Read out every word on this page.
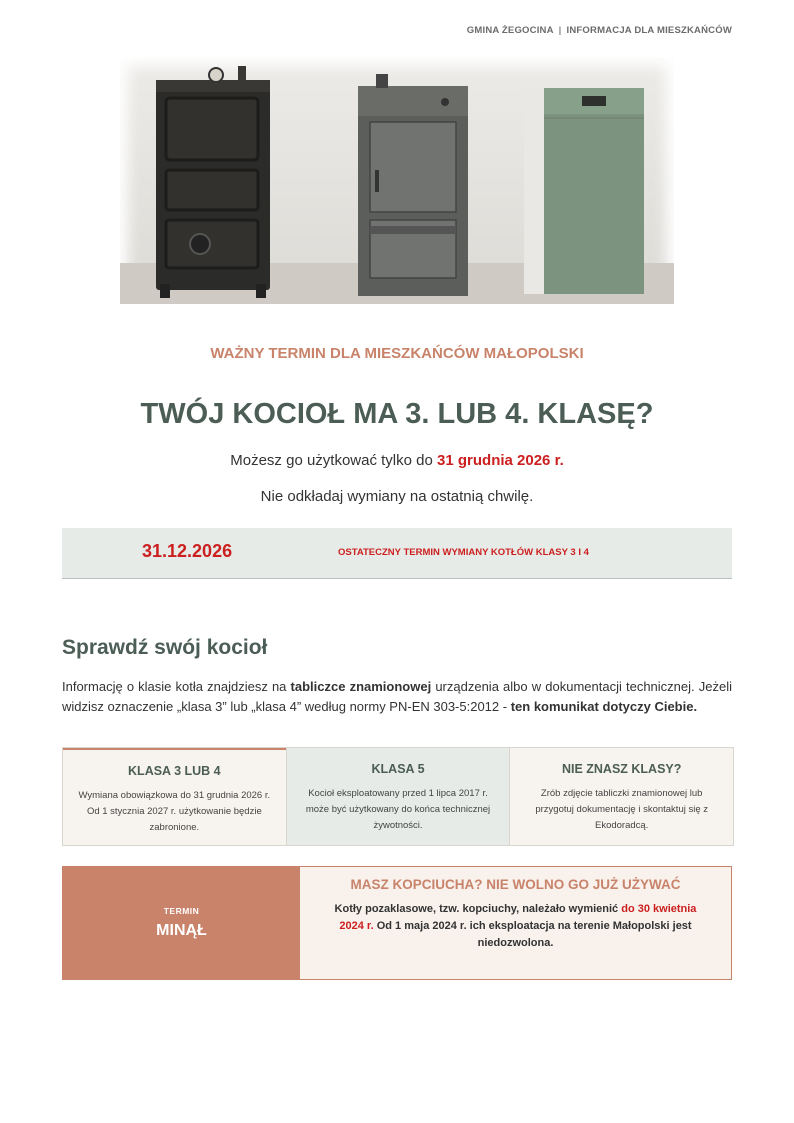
GMINA ŻEGOCINA | INFORMACJA DLA MIESZKAŃCÓW
WAŻNY TERMIN DLA MIESZKAŃCÓW MAŁOPOLSKI
TWÓJ KOCIOŁ MA 3. LUB 4. KLASĘ?
Możesz go użytkować tylko do 31 grudnia 2026 r.
Nie odkładaj wymiany na ostatnią chwilę.
31.12.2026	OSTATECZNY TERMIN WYMIANY KOTŁÓW KLASY 3 I 4
Sprawdź swój kocioł
Informację o klasie kotła znajdziesz na tabliczce znamionowej urządzenia albo w dokumentacji technicznej. Jeżeli widzisz oznaczenie „klasa 3” lub „klasa 4” według normy PN-EN 303-5:2012 - ten komunikat dotyczy Ciebie.
KLASA 3 LUB 4

Wymiana obowiązkowa do 31 grudnia 2026 r. Od 1 stycznia 2027 r. użytkowanie będzie zabronione.

KLASA 5

Kocioł eksploatowany przed 1 lipca 2017 r. może być użytkowany do końca technicznej żywotności.

NIE ZNASZ KLASY?

Zrób zdjęcie tabliczki znamionowej lub przygotuj dokumentację i skontaktuj się z Ekodoradcą.

TERMIN
MINĄŁ
MASZ KOPCIUCHA? NIE WOLNO GO JUŻ UŻYWAĆ

Kotły pozaklasowe, tzw. kopciuchy, należało wymienić do 30 kwietnia 2024 r. Od 1 maja 2024 r. ich eksploatacja na terenie Małopolski jest niedozwolona.
